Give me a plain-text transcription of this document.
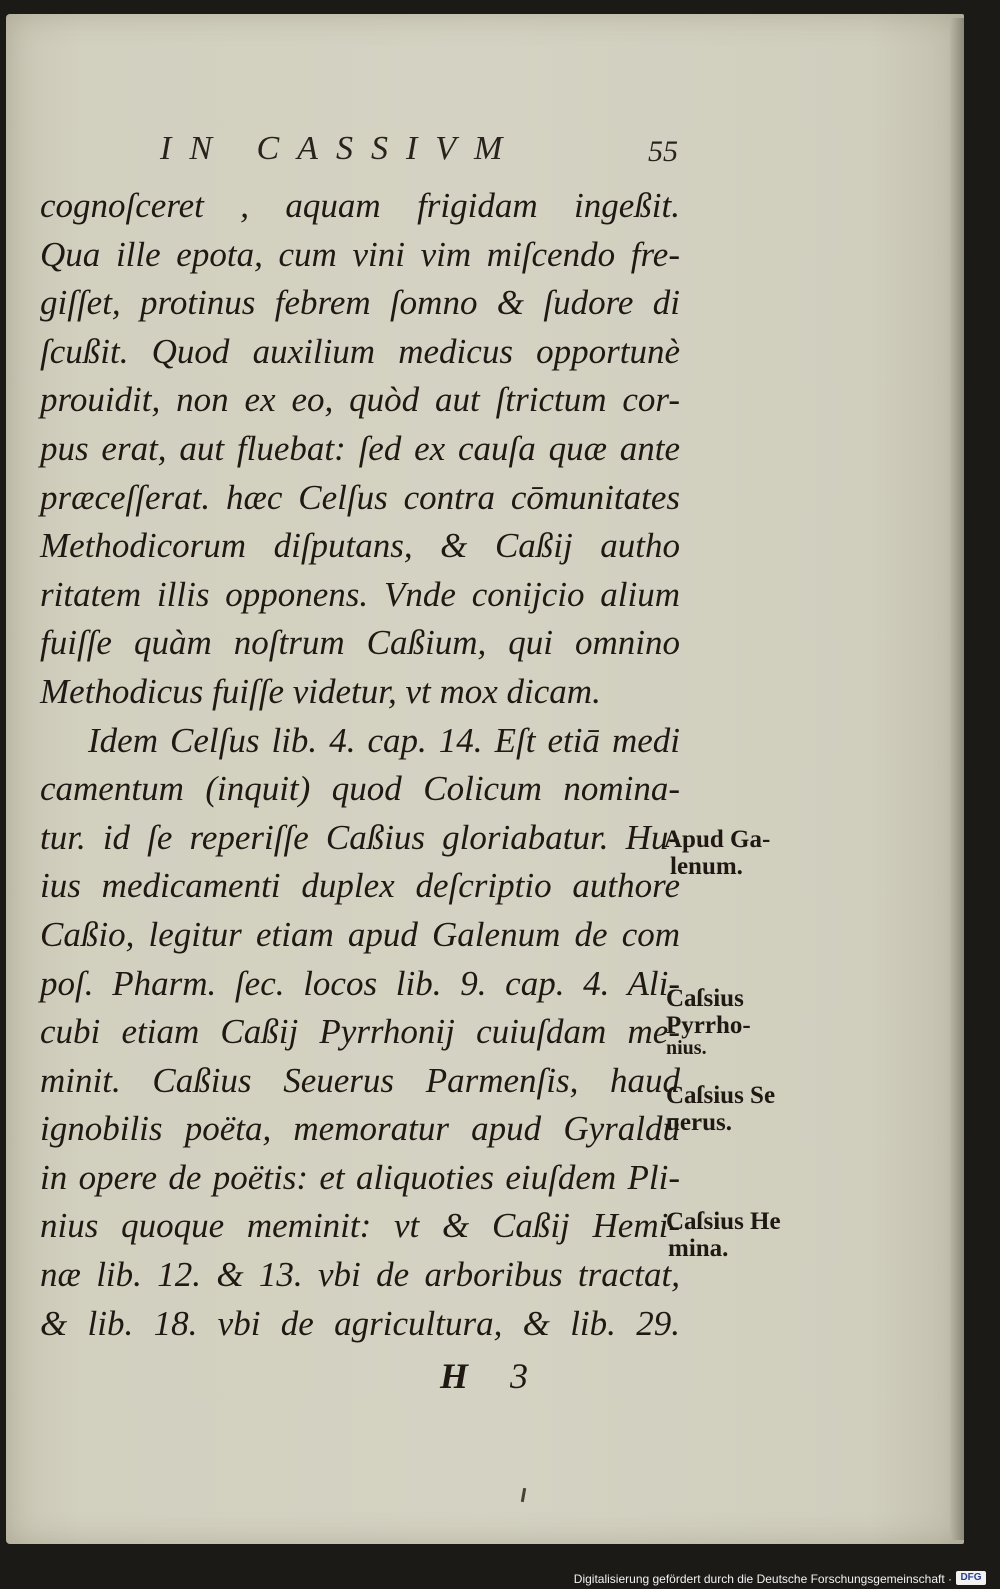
IN CASSIVM	55
cognoſceret , aquam frigidam ingeßit.
Qua ille epota, cum vini vim miſcendo fre-
giſſet, protinus febrem ſomno & ſudore di
ſcußit. Quod auxilium medicus opportunè
prouidit, non ex eo, quòd aut ſtrictum cor-
pus erat, aut fluebat: ſed ex cauſa quæ ante
præceſſerat. hæc Celſus contra cōmunitates
Methodicorum diſputans, & Caßij autho
ritatem illis opponens. Vnde conijcio alium
fuiſſe quàm noſtrum Caßium, qui omnino
Methodicus fuiſſe videtur, vt mox dicam.
Idem Celſus lib. 4. cap. 14. Eſt etiā medi
camentum (inquit) quod Colicum nomina-
tur. id ſe reperiſſe Caßius gloriabatur. Hu-
ius medicamenti duplex deſcriptio authore
Caßio, legitur etiam apud Galenum de com
poſ. Pharm. ſec. locos lib. 9. cap. 4. Ali-
cubi etiam Caßij Pyrrhonij cuiuſdam me-
minit. Caßius Seuerus Parmenſis, haud
ignobilis poëta, memoratur apud Gyraldū
in opere de poëtis: et aliquoties eiuſdem Pli-
nius quoque meminit: vt & Caßij Hemi-
næ lib. 12. & 13. vbi de arboribus tractat,
& lib. 18. vbi de agricultura, & lib. 29.
Apud Ga-
lenum.
Caſsius
Pyrrho-
nius.
Caſsius Se
uerus.
Caſsius He
mina.
H 3
Digitalisierung gefördert durch die Deutsche Forschungsgemeinschaft · DFG
